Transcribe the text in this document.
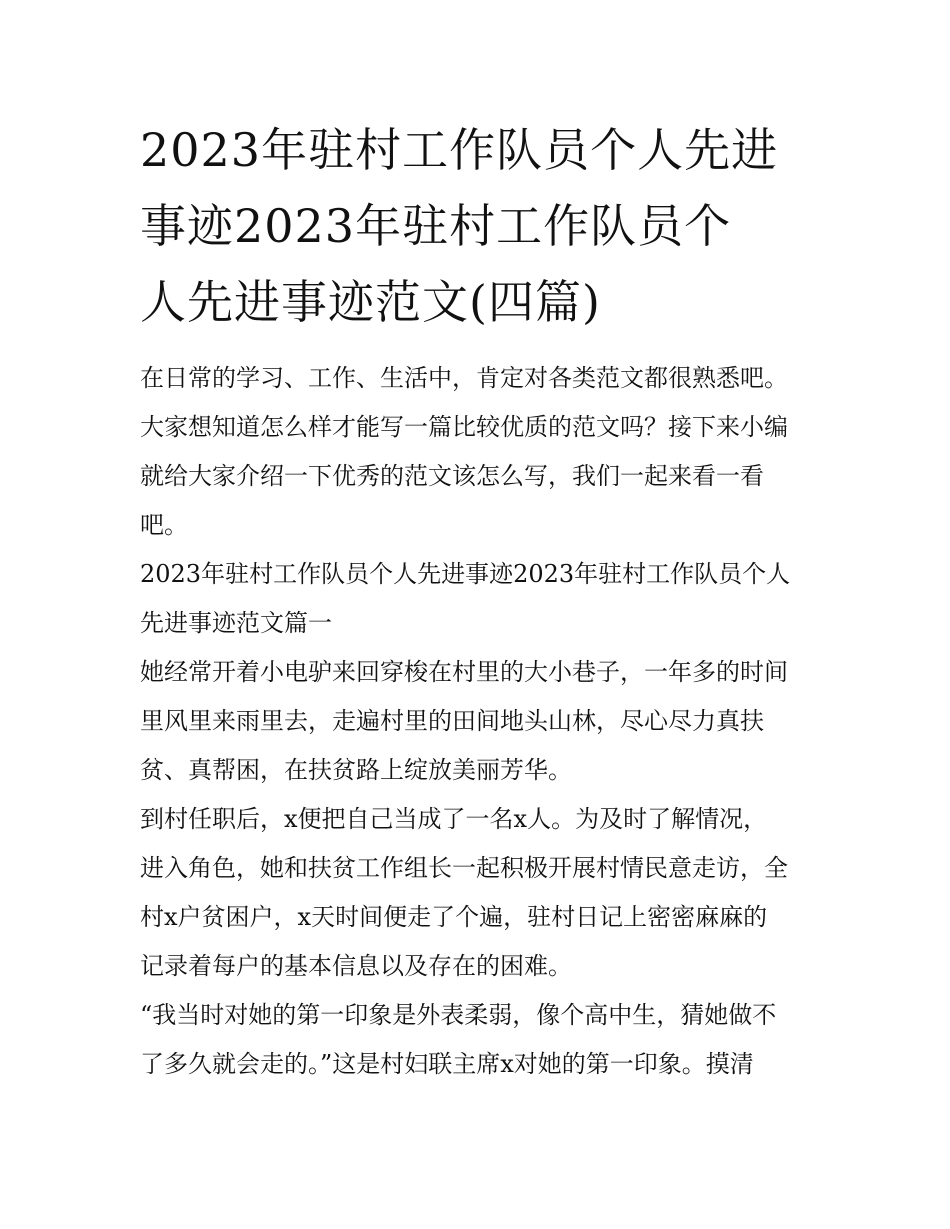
2023年驻村工作队员个人先进
事迹2023年驻村工作队员个
人先进事迹范文(四篇)

在日常的学习、工作、生活中，肯定对各类范文都很熟悉吧。
大家想知道怎么样才能写一篇比较优质的范文吗？接下来小编
就给大家介绍一下优秀的范文该怎么写，我们一起来看一看
吧。

2023年驻村工作队员个人先进事迹2023年驻村工作队员个人
先进事迹范文篇一

她经常开着小电驴来回穿梭在村里的大小巷子，一年多的时间
里风里来雨里去，走遍村里的田间地头山林，尽心尽力真扶
贫、真帮困，在扶贫路上绽放美丽芳华。

到村任职后，x便把自己当成了一名x人。为及时了解情况，
进入角色，她和扶贫工作组长一起积极开展村情民意走访，全
村x户贫困户，x天时间便走了个遍，驻村日记上密密麻麻的
记录着每户的基本信息以及存在的困难。

“我当时对她的第一印象是外表柔弱，像个高中生，猜她做不
了多久就会走的。”这是村妇联主席x对她的第一印象。摸清
